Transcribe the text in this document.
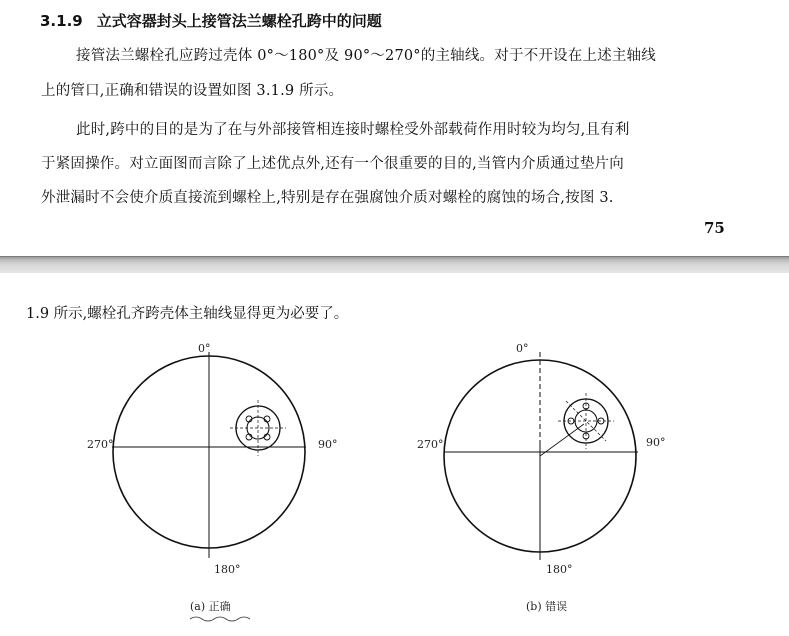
3.1.9 立式容器封头上接管法兰螺栓孔跨中的问题
接管法兰螺栓孔应跨过壳体 0°～180°及 90°～270°的主轴线。对于不开设在上述主轴线
上的管口,正确和错误的设置如图 3.1.9 所示。
此时,跨中的目的是为了在与外部接管相连接时螺栓受外部载荷作用时较为均匀,且有利
于紧固操作。对立面图而言除了上述优点外,还有一个很重要的目的,当管内介质通过垫片向
外泄漏时不会使介质直接流到螺栓上,特别是存在强腐蚀介质对螺栓的腐蚀的场合,按图 3.
75
1.9 所示,螺栓孔齐跨壳体主轴线显得更为必要了。
0°
90°
180°
270°
(a) 正确
0°
90°
180°
270°
(b) 错误
